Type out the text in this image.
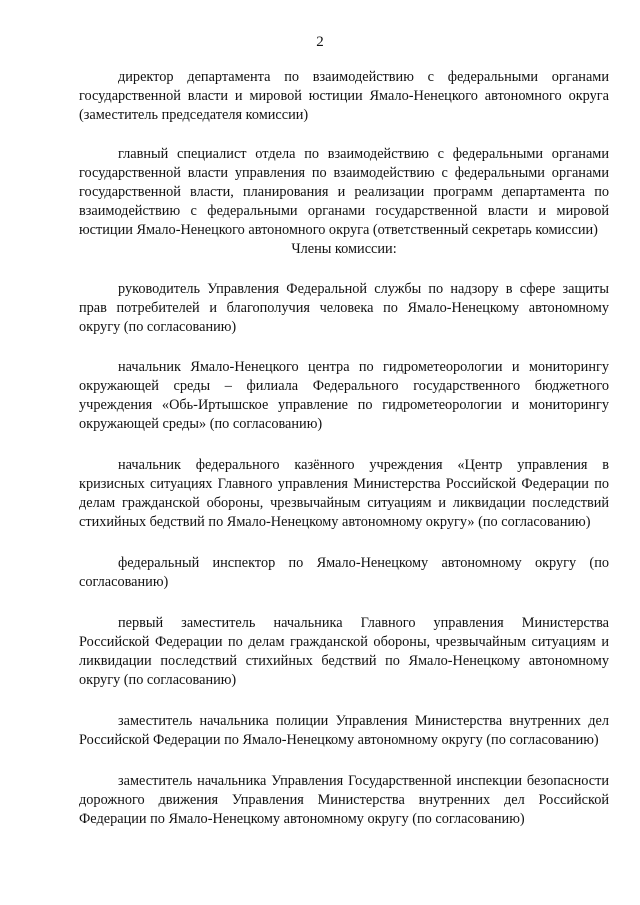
2

директор департамента по взаимодействию с федеральными органами государственной власти и мировой юстиции Ямало-Ненецкого автономного округа (заместитель председателя комиссии)

главный специалист отдела по взаимодействию с федеральными органами государственной власти управления по взаимодействию с федеральными органами государственной власти, планирования и реализации программ департамента по взаимодействию с федеральными органами государственной власти и мировой юстиции Ямало-Ненецкого автономного округа (ответственный секретарь комиссии)

Члены комиссии:

руководитель Управления Федеральной службы по надзору в сфере защиты прав потребителей и благополучия человека по Ямало-Ненецкому автономному округу (по согласованию)

начальник Ямало-Ненецкого центра по гидрометеорологии и мониторингу окружающей среды – филиала Федерального государственного бюджетного учреждения «Обь-Иртышское управление по гидрометеорологии и мониторингу окружающей среды» (по согласованию)

начальник федерального казённого учреждения «Центр управления в кризисных ситуациях Главного управления Министерства Российской Федерации по делам гражданской обороны, чрезвычайным ситуациям и ликвидации последствий стихийных бедствий по Ямало-Ненецкому автономному округу» (по согласованию)

федеральный инспектор по Ямало-Ненецкому автономному округу (по согласованию)

первый заместитель начальника Главного управления Министерства Российской Федерации по делам гражданской обороны, чрезвычайным ситуациям и ликвидации последствий стихийных бедствий по Ямало-Ненецкому автономному округу (по согласованию)

заместитель начальника полиции Управления Министерства внутренних дел Российской Федерации по Ямало-Ненецкому автономному округу (по согласованию)

заместитель начальника Управления Государственной инспекции безопасности дорожного движения Управления Министерства внутренних дел Российской Федерации по Ямало-Ненецкому автономному округу (по согласованию)
